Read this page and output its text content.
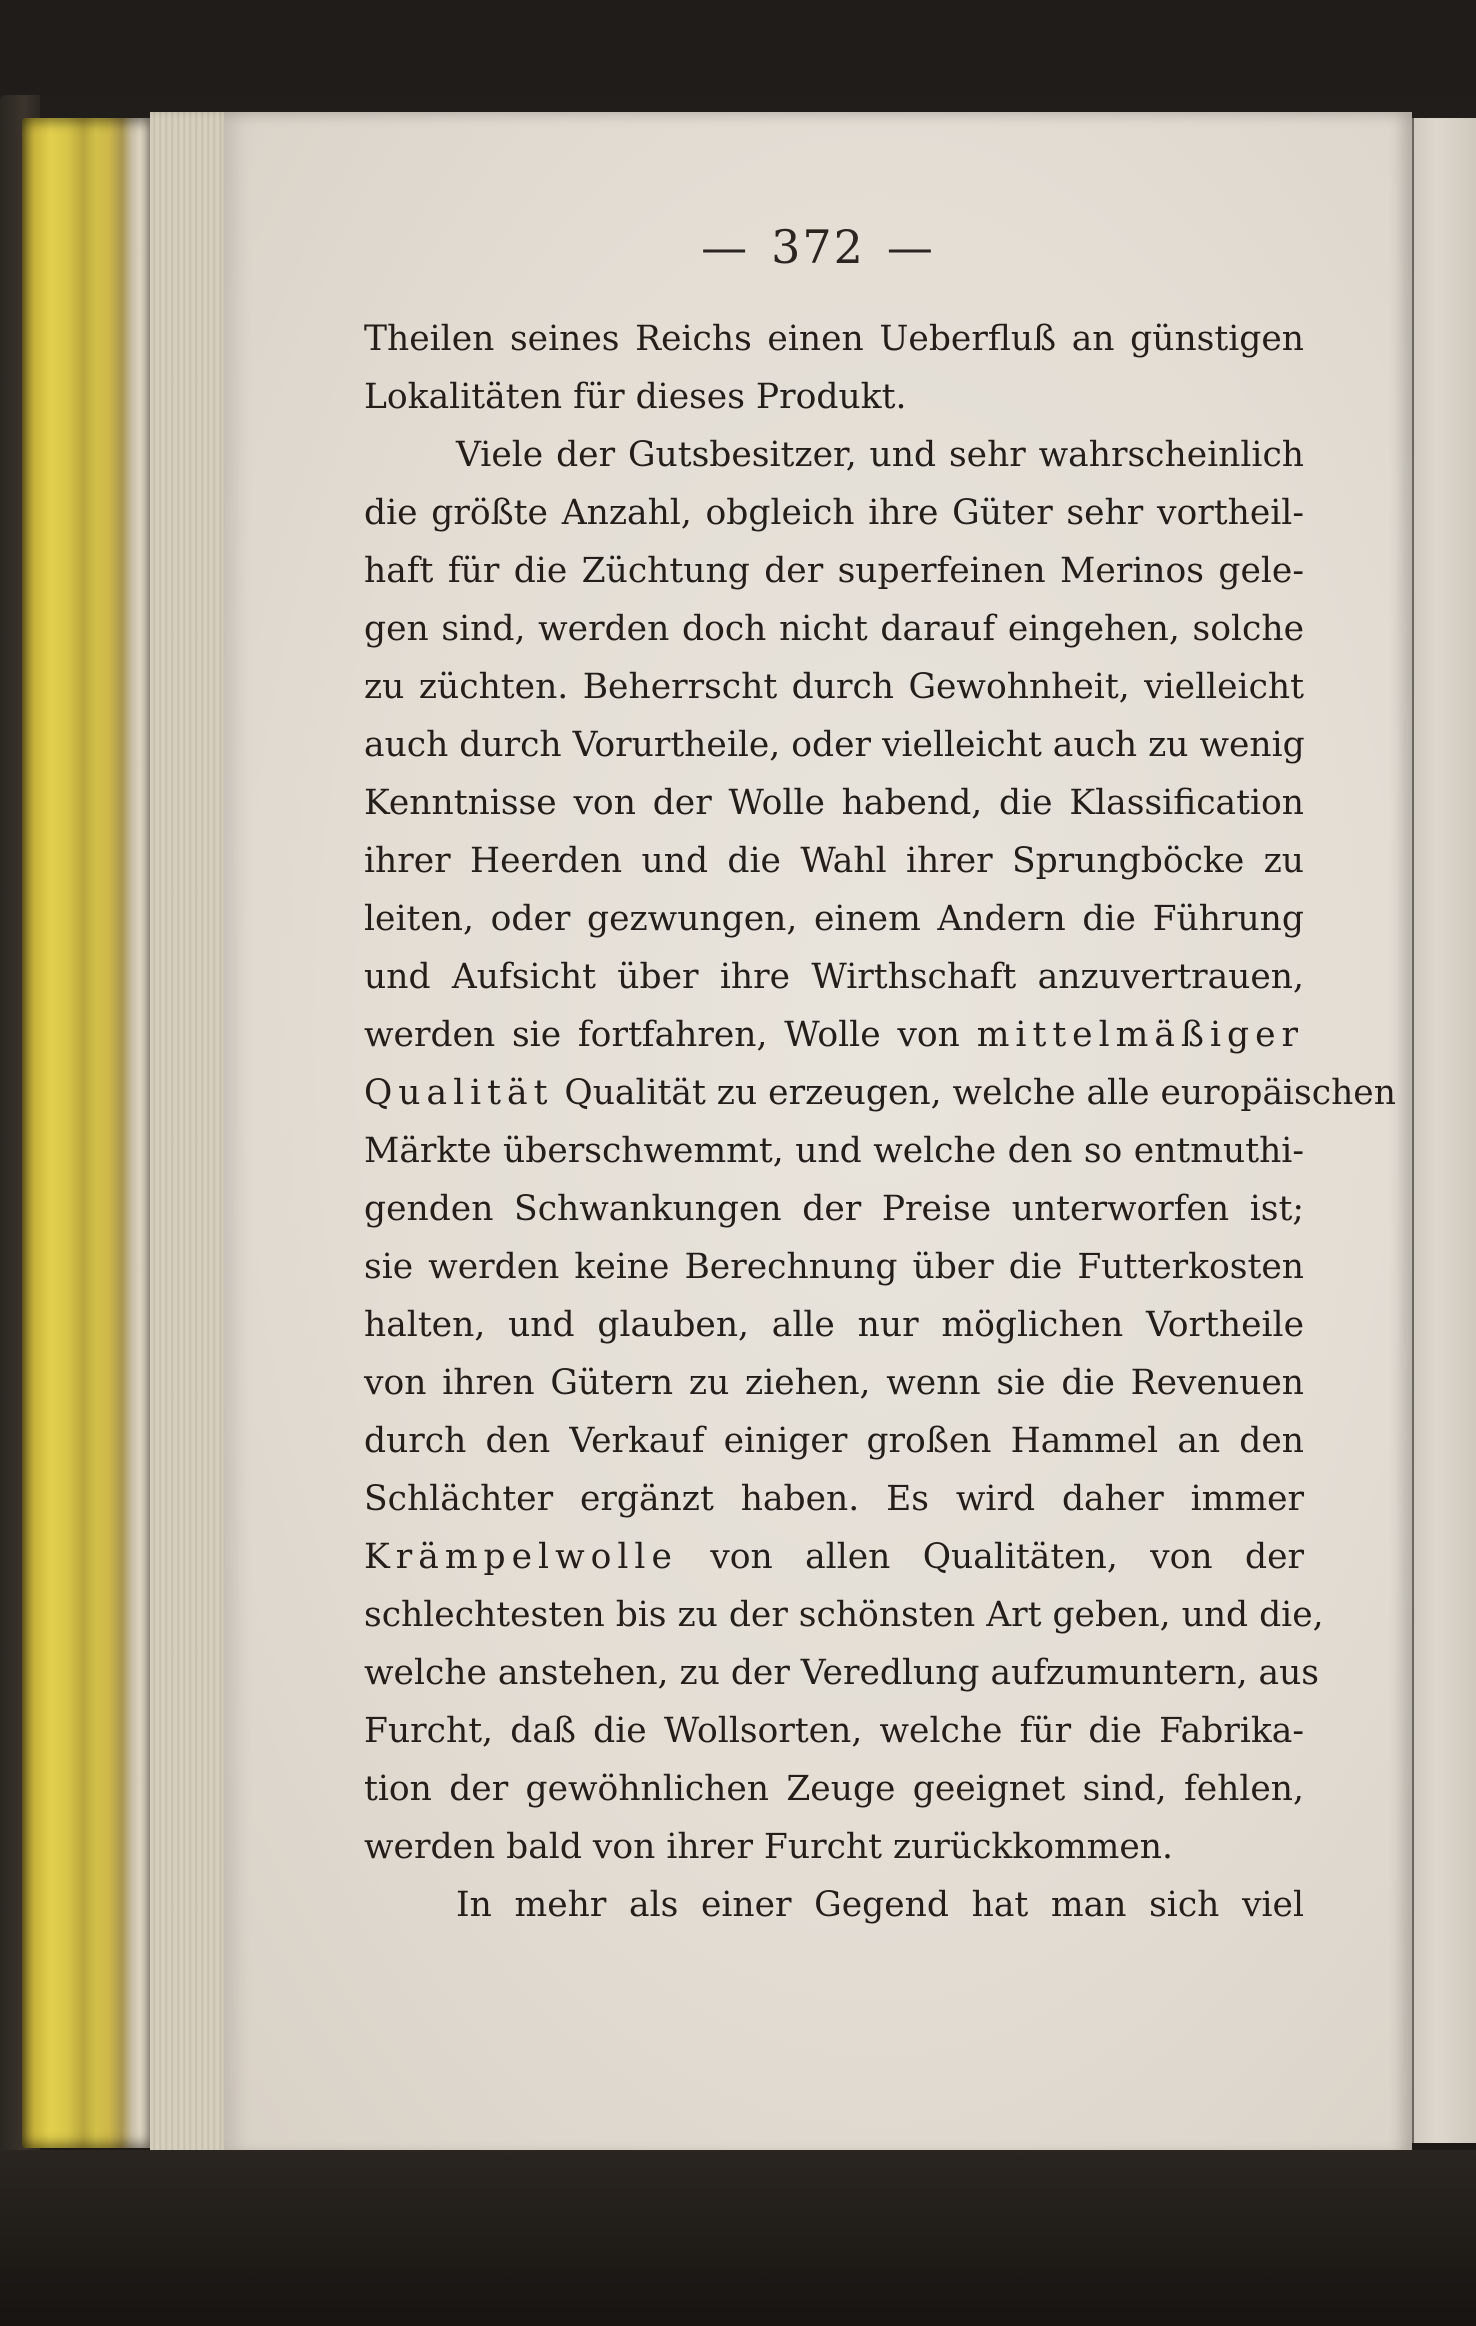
— 372 —
Theilen seines Reichs einen Ueberfluß an günstigen
Lokalitäten für dieses Produkt.
Viele der Gutsbesitzer, und sehr wahrscheinlich
die größte Anzahl, obgleich ihre Güter sehr vortheil-
haft für die Züchtung der superfeinen Merinos gele-
gen sind, werden doch nicht darauf eingehen, solche
zu züchten. Beherrscht durch Gewohnheit, vielleicht
auch durch Vorurtheile, oder vielleicht auch zu wenig
Kenntnisse von der Wolle habend, die Klassification
ihrer Heerden und die Wahl ihrer Sprungböcke zu
leiten, oder gezwungen, einem Andern die Führung
und Aufsicht über ihre Wirthschaft anzuvertrauen,
werden sie fortfahren, Wolle von mittelmäßiger
Qualität Qualität zu erzeugen, welche alle europäischen
Märkte überschwemmt, und welche den so entmuthi-
genden Schwankungen der Preise unterworfen ist;
sie werden keine Berechnung über die Futterkosten
halten, und glauben, alle nur möglichen Vortheile
von ihren Gütern zu ziehen, wenn sie die Revenuen
durch den Verkauf einiger großen Hammel an den
Schlächter ergänzt haben. Es wird daher immer
Krämpelwolle von allen Qualitäten, von der
schlechtesten bis zu der schönsten Art geben, und die,
welche anstehen, zu der Veredlung aufzumuntern, aus
Furcht, daß die Wollsorten, welche für die Fabrika-
tion der gewöhnlichen Zeuge geeignet sind, fehlen,
werden bald von ihrer Furcht zurückkommen.
In mehr als einer Gegend hat man sich viel
